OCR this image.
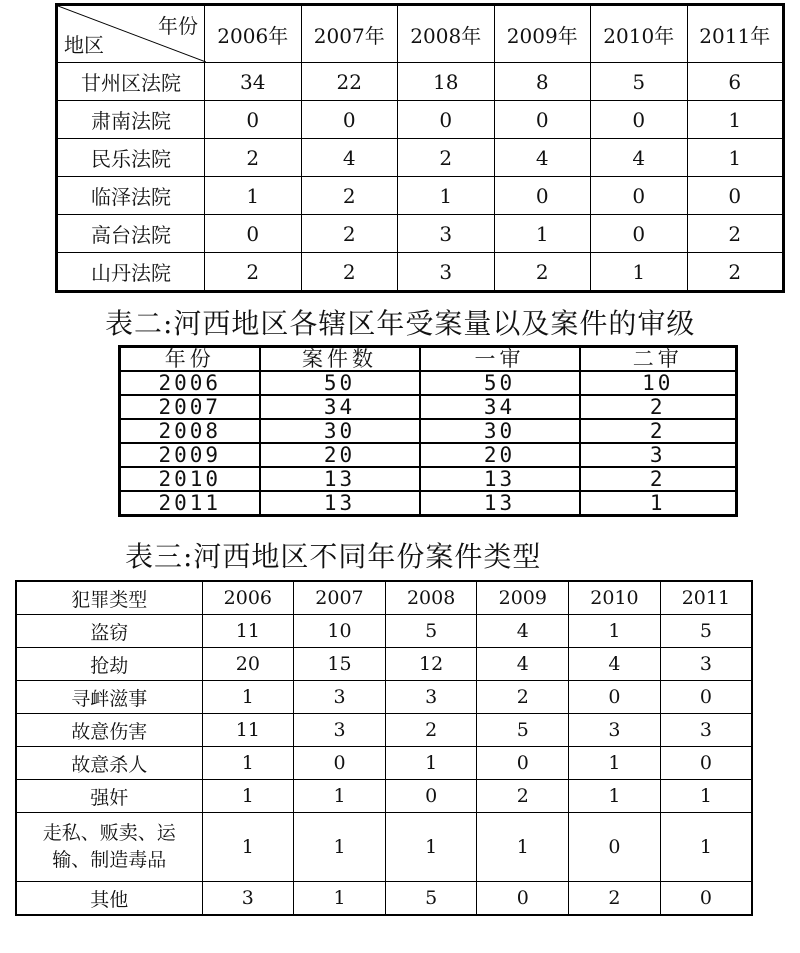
年份
地区	2006年	2007年	2008年	2009年	2010年	2011年
甘州区法院	34	22	18	8	5	6
肃南法院	0	0	0	0	0	1
民乐法院	2	4	2	4	4	1
临泽法院	1	2	1	0	0	0
高台法院	0	2	3	1	0	2
山丹法院	2	2	3	2	1	2
表二:河西地区各辖区年受案量以及案件的审级
年份	案件数	一审	二审
2006	50	50	10
2007	34	34	2
2008	30	30	2
2009	20	20	3
2010	13	13	2
2011	13	13	1
表三:河西地区不同年份案件类型
犯罪类型	2006	2007	2008	2009	2010	2011
盗窃	11	10	5	4	1	5
抢劫	20	15	12	4	4	3
寻衅滋事	1	3	3	2	0	0
故意伤害	11	3	2	5	3	3
故意杀人	1	0	1	0	1	0
强奸	1	1	0	2	1	1
走私、贩卖、运
输、制造毒品	1	1	1	1	0	1
其他	3	1	5	0	2	0
